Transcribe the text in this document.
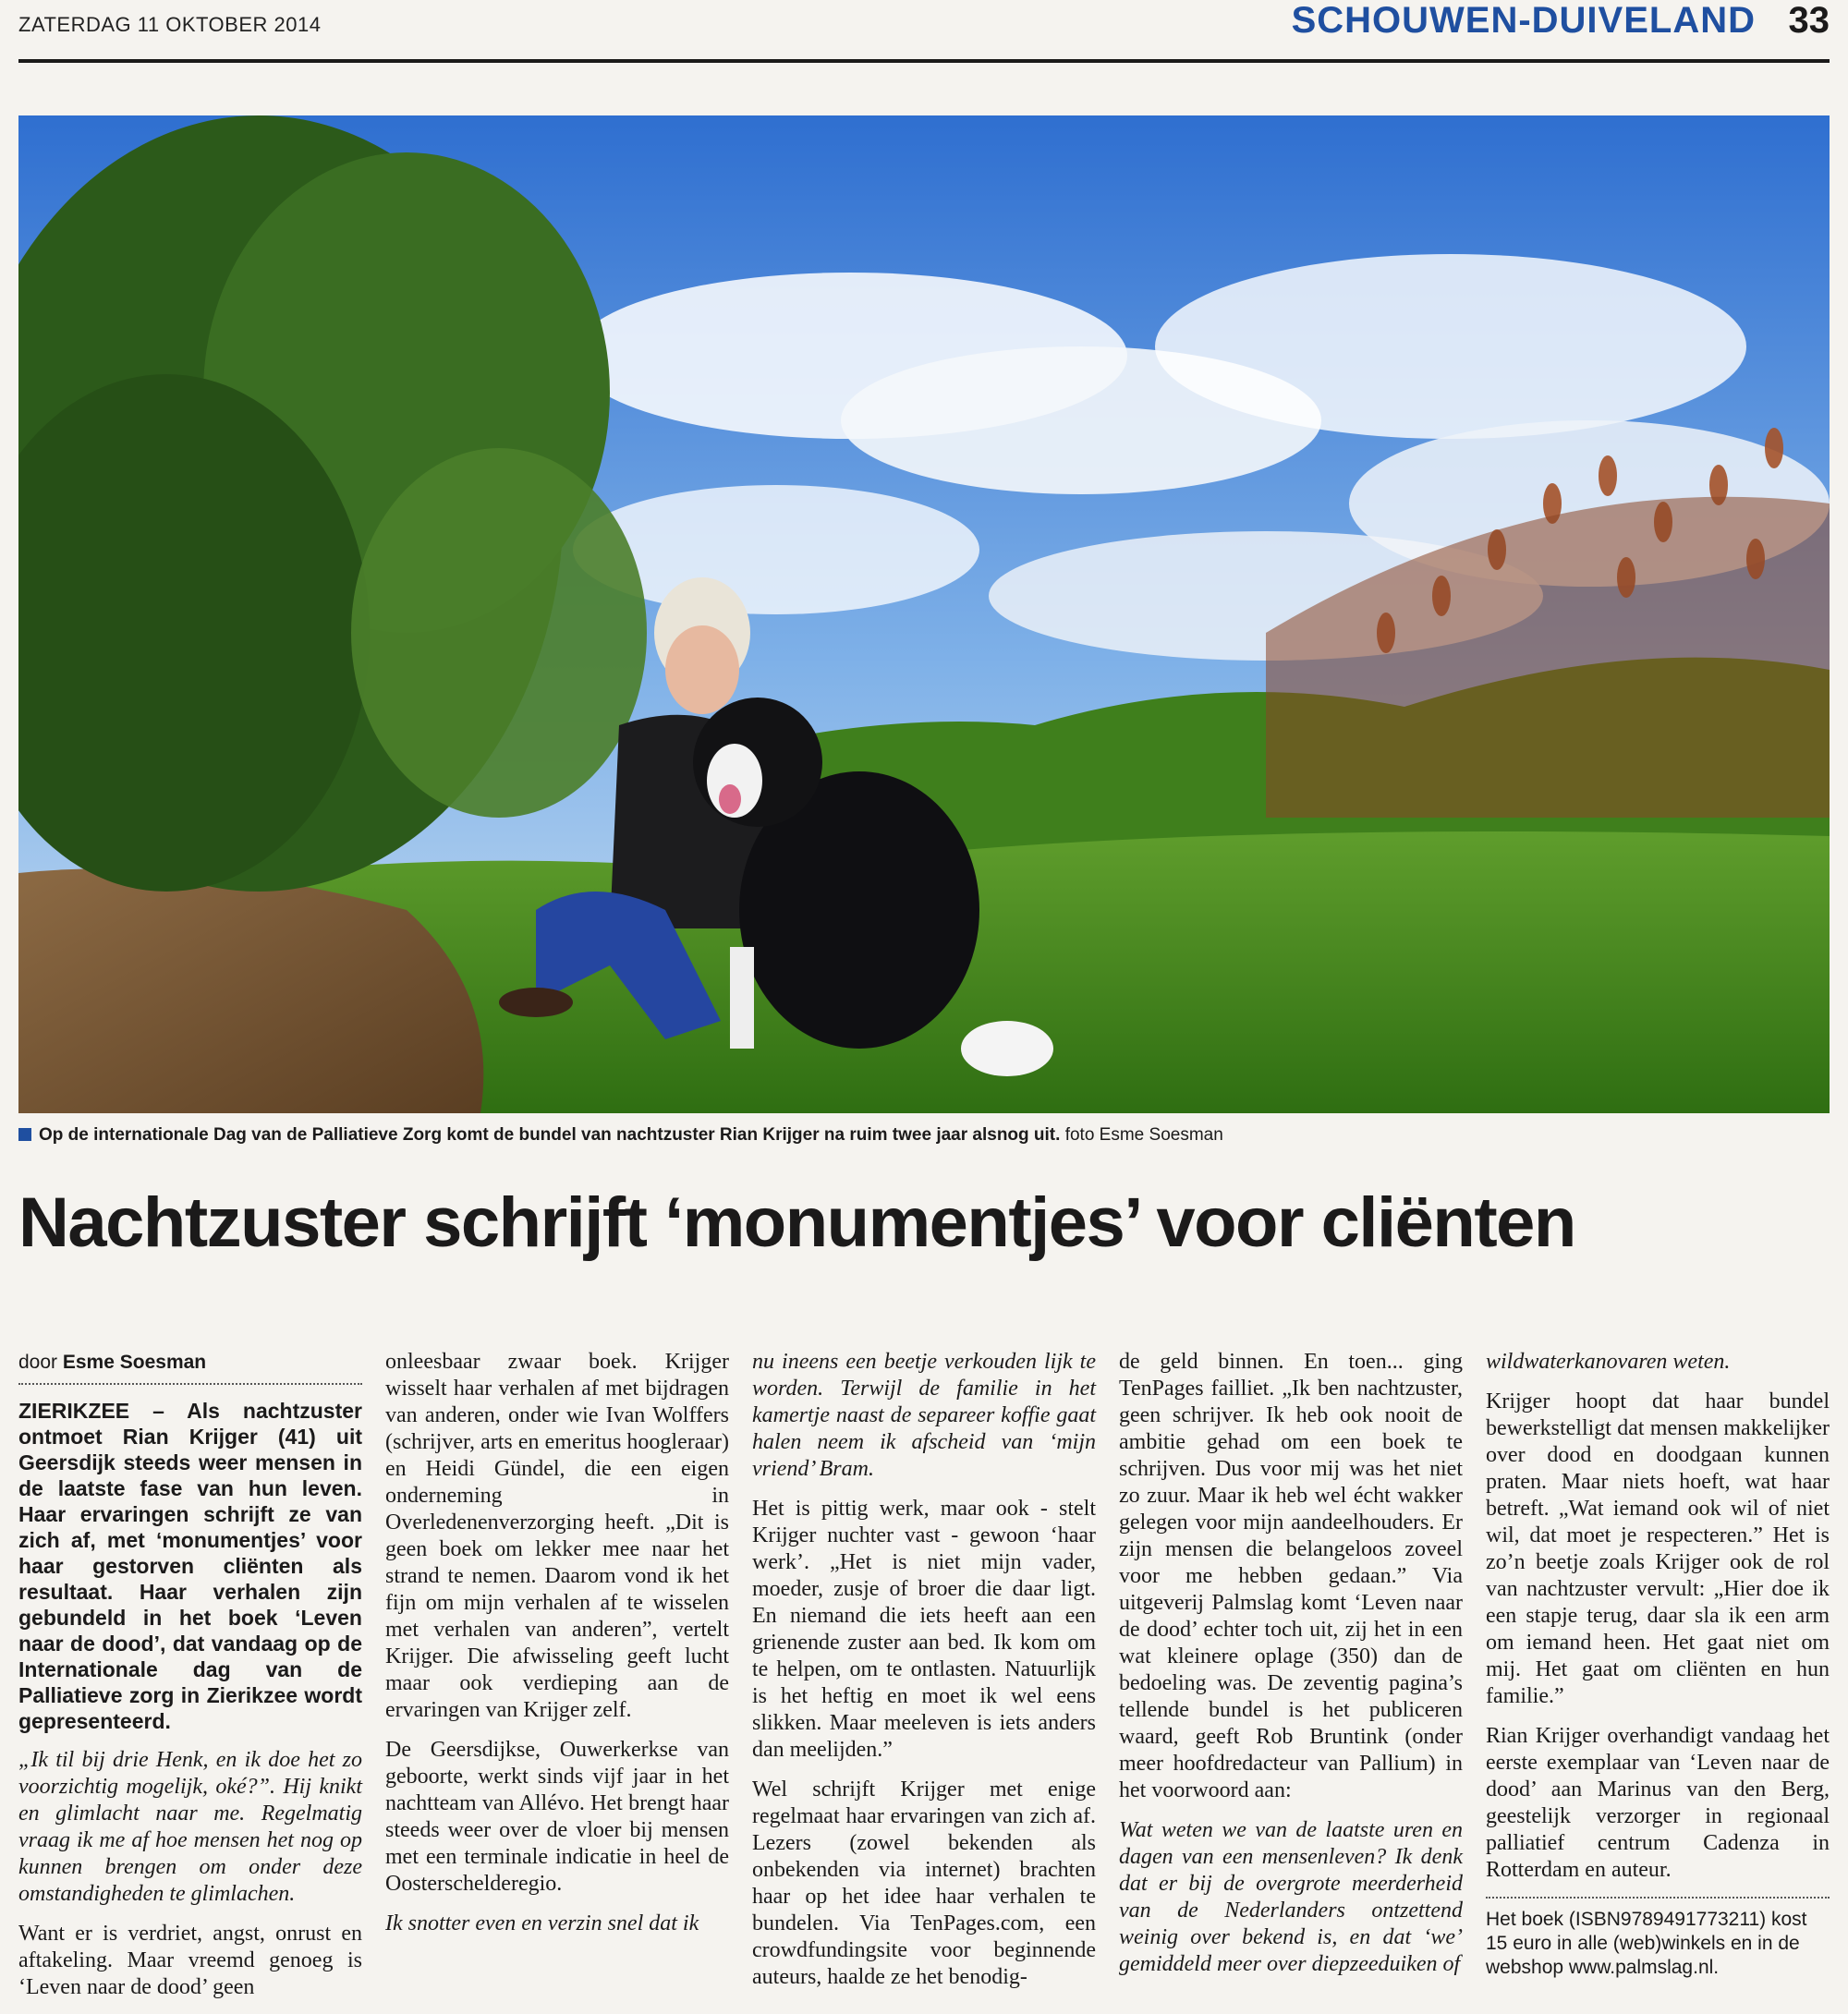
ZATERDAG 11 OKTOBER 2014	SCHOUWEN-DUIVELAND 33
Op de internationale Dag van de Palliatieve Zorg komt de bundel van nachtzuster Rian Krijger na ruim twee jaar alsnog uit. foto Esme Soesman
Nachtzuster schrijft ‘monumentjes’ voor cliënten
door Esme Soesman

ZIERIKZEE – Als nachtzuster ontmoet Rian Krijger (41) uit Geersdijk steeds weer mensen in de laatste fase van hun leven. Haar ervaringen schrijft ze van zich af, met ‘monumentjes’ voor haar gestorven cliënten als resultaat. Haar verhalen zijn gebundeld in het boek ‘Leven naar de dood’, dat vandaag op de Internationale dag van de Palliatieve zorg in Zierikzee wordt gepresenteerd.

„Ik til bij drie Henk, en ik doe het zo voorzichtig mogelijk, oké?”. Hij knikt en glimlacht naar me. Regelmatig vraag ik me af hoe mensen het nog op kunnen brengen om onder deze omstandigheden te glimlachen.

Want er is verdriet, angst, onrust en aftakeling. Maar vreemd genoeg is ‘Leven naar de dood’ geen

onleesbaar zwaar boek. Krijger wisselt haar verhalen af met bijdragen van anderen, onder wie Ivan Wolffers (schrijver, arts en emeritus hoogleraar) en Heidi Gündel, die een eigen onderneming in Overledenenverzorging heeft. „Dit is geen boek om lekker mee naar het strand te nemen. Daarom vond ik het fijn om mijn verhalen af te wisselen met verhalen van anderen”, vertelt Krijger. Die afwisseling geeft lucht maar ook verdieping aan de ervaringen van Krijger zelf.

De Geersdijkse, Ouwerkerkse van geboorte, werkt sinds vijf jaar in het nachtteam van Allévo. Het brengt haar steeds weer over de vloer bij mensen met een terminale indicatie in heel de Oosterschelderegio.

Ik snotter even en verzin snel dat ik

nu ineens een beetje verkouden lijk te worden. Terwijl de familie in het kamertje naast de separeer koffie gaat halen neem ik afscheid van ‘mijn vriend’ Bram.

Het is pittig werk, maar ook - stelt Krijger nuchter vast - gewoon ‘haar werk’. „Het is niet mijn vader, moeder, zusje of broer die daar ligt. En niemand die iets heeft aan een grienende zuster aan bed. Ik kom om te helpen, om te ontlasten. Natuurlijk is het heftig en moet ik wel eens slikken. Maar meeleven is iets anders dan meelijden.”

Wel schrijft Krijger met enige regelmaat haar ervaringen van zich af. Lezers (zowel bekenden als onbekenden via internet) brachten haar op het idee haar verhalen te bundelen. Via TenPages.com, een crowdfundingsite voor beginnende auteurs, haalde ze het benodig-

de geld binnen. En toen... ging TenPages failliet. „Ik ben nachtzuster, geen schrijver. Ik heb ook nooit de ambitie gehad om een boek te schrijven. Dus voor mij was het niet zo zuur. Maar ik heb wel écht wakker gelegen voor mijn aandeelhouders. Er zijn mensen die belangeloos zoveel voor me hebben gedaan.” Via uitgeverij Palmslag komt ‘Leven naar de dood’ echter toch uit, zij het in een wat kleinere oplage (350) dan de bedoeling was. De zeventig pagina’s tellende bundel is het publiceren waard, geeft Rob Bruntink (onder meer hoofdredacteur van Pallium) in het voorwoord aan:

Wat weten we van de laatste uren en dagen van een mensenleven? Ik denk dat er bij de overgrote meerderheid van de Nederlanders ontzettend weinig over bekend is, en dat ‘we’ gemiddeld meer over diepzeeduiken of

wildwaterkanovaren weten.

Krijger hoopt dat haar bundel bewerkstelligt dat mensen makkelijker over dood en doodgaan kunnen praten. Maar niets hoeft, wat haar betreft. „Wat iemand ook wil of niet wil, dat moet je respecteren.” Het is zo’n beetje zoals Krijger ook de rol van nachtzuster vervult: „Hier doe ik een stapje terug, daar sla ik een arm om iemand heen. Het gaat niet om mij. Het gaat om cliënten en hun familie.”

Rian Krijger overhandigt vandaag het eerste exemplaar van ‘Leven naar de dood’ aan Marinus van den Berg, geestelijk verzorger in regionaal palliatief centrum Cadenza in Rotterdam en auteur.

Het boek (ISBN9789491773211) kost 15 euro in alle (web)winkels en in de webshop www.palmslag.nl.
